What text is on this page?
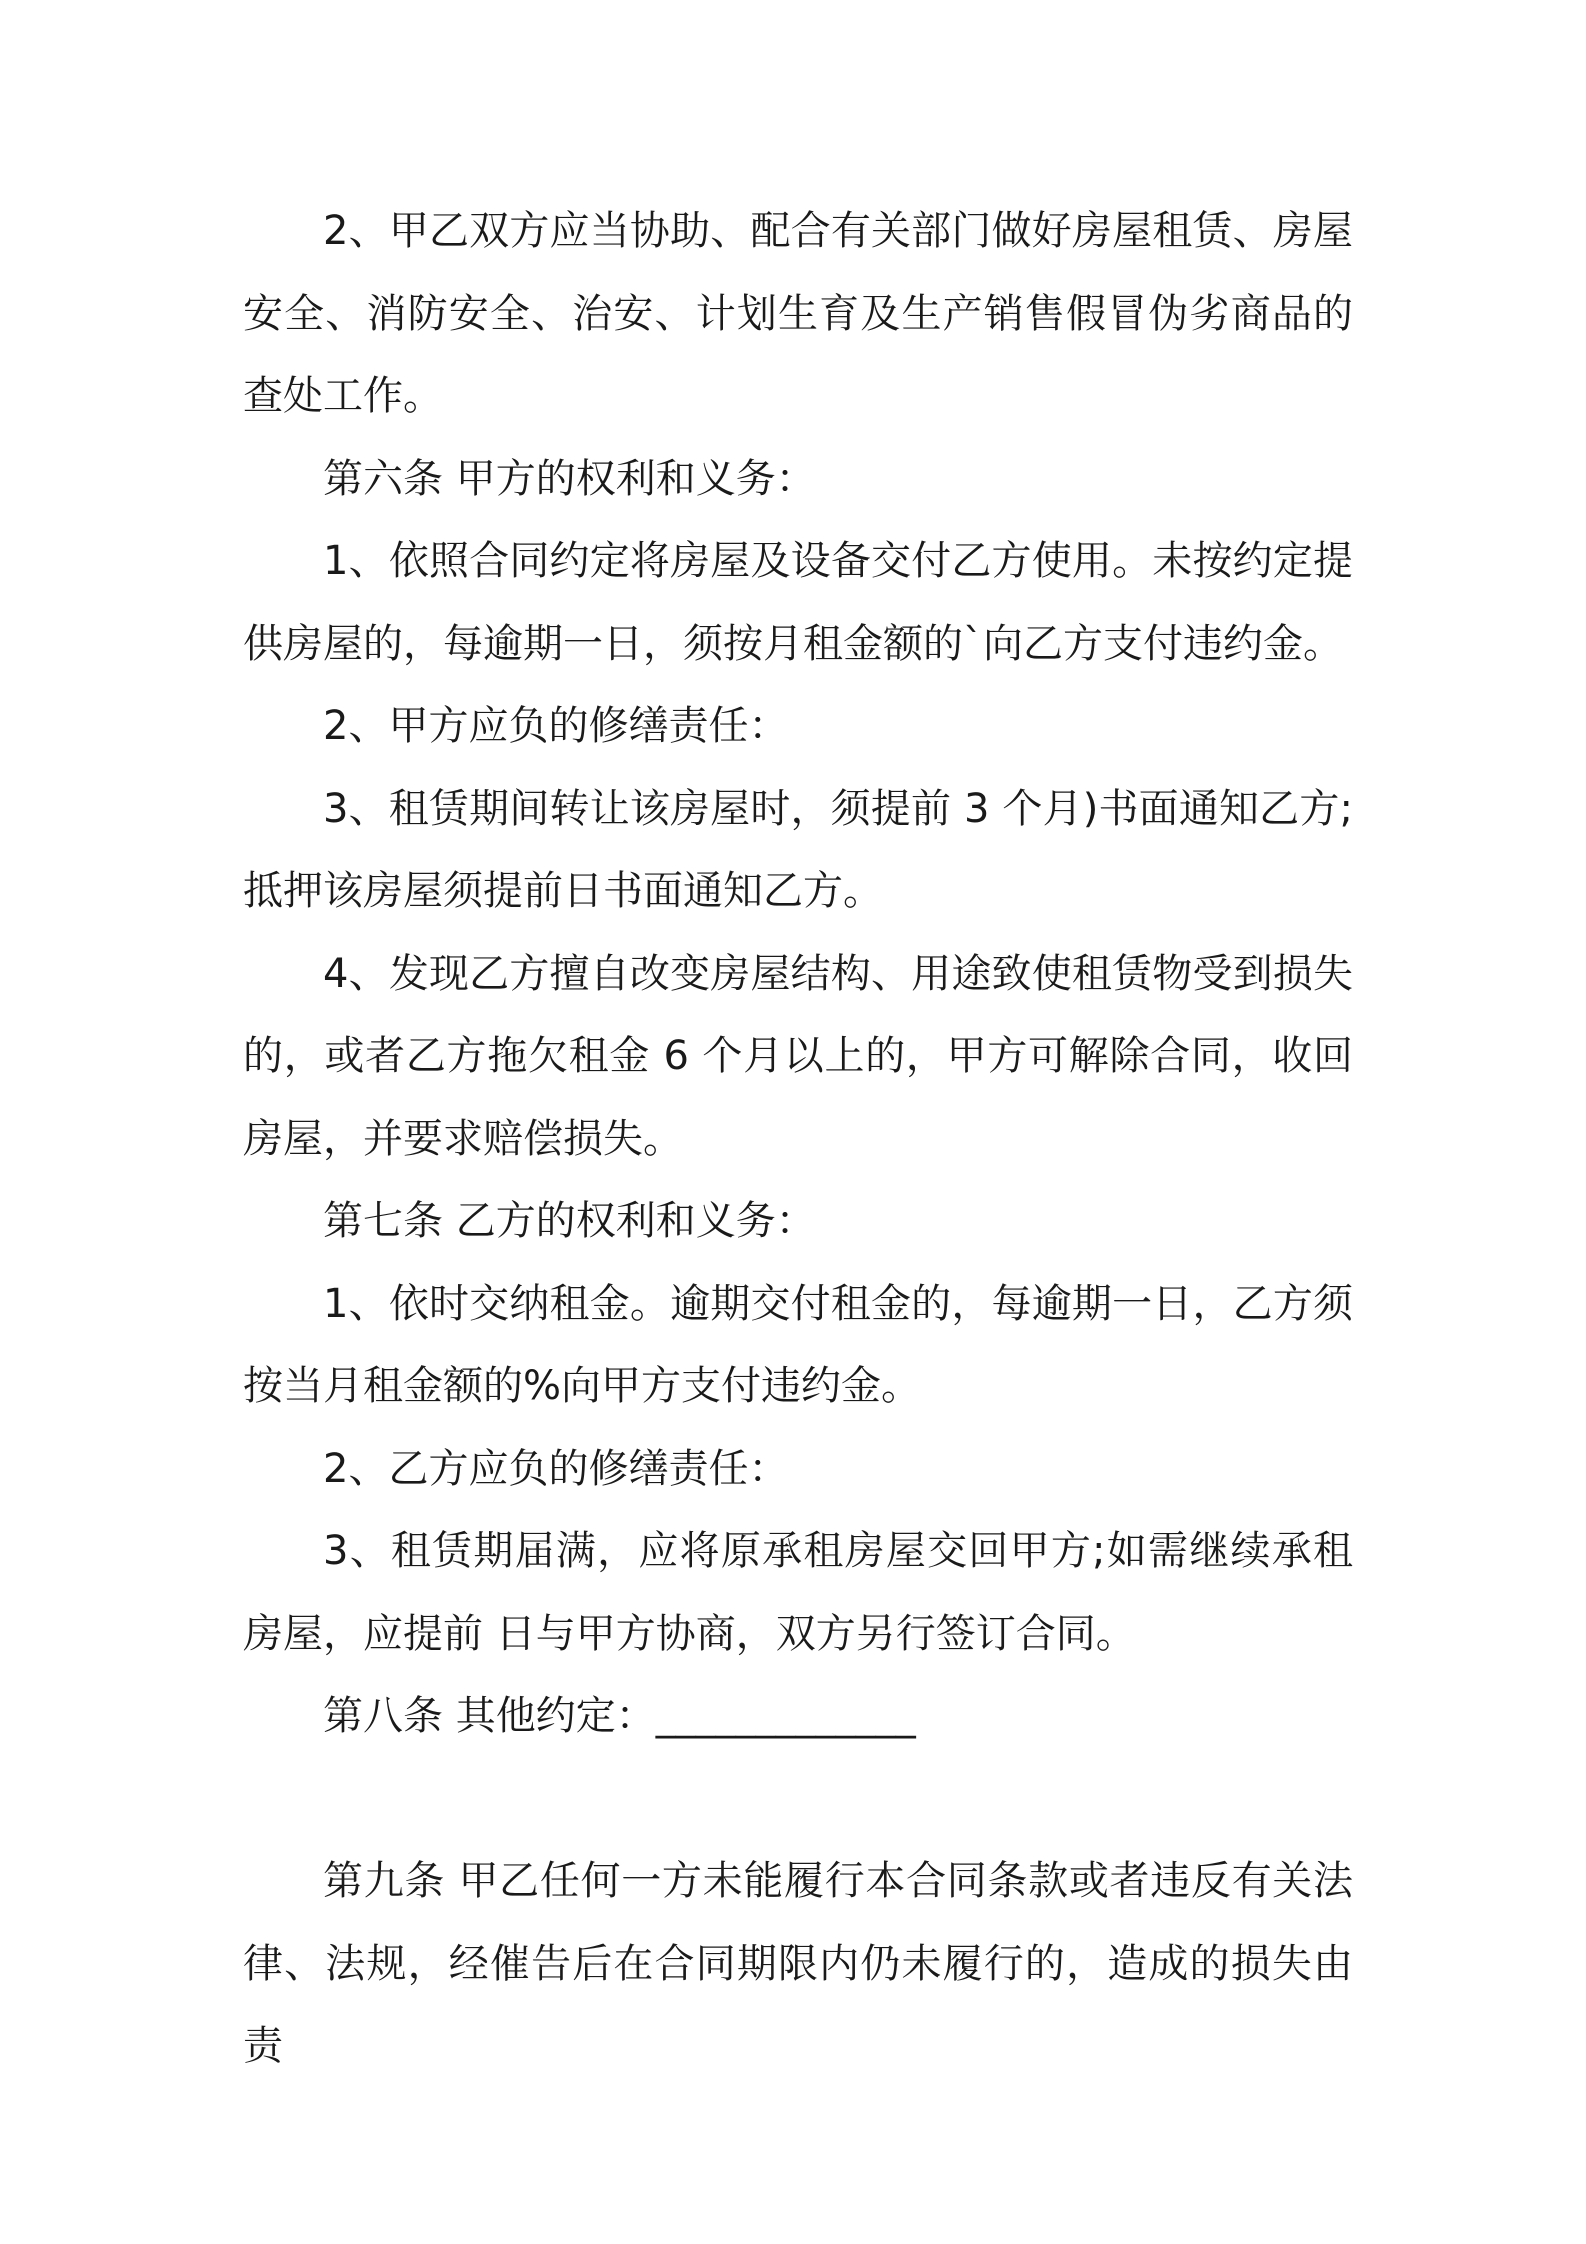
2、甲乙双方应当协助、配合有关部门做好房屋租赁、房屋安全、消防安全、治安、计划生育及生产销售假冒伪劣商品的查处工作。

第六条 甲方的权利和义务：

1、依照合同约定将房屋及设备交付乙方使用。未按约定提供房屋的，每逾期一日，须按月租金额的`向乙方支付违约金。

2、甲方应负的修缮责任：

3、租赁期间转让该房屋时，须提前 3 个月)书面通知乙方;抵押该房屋须提前日书面通知乙方。

4、发现乙方擅自改变房屋结构、用途致使租赁物受到损失的，或者乙方拖欠租金 6 个月以上的，甲方可解除合同，收回房屋，并要求赔偿损失。

第七条 乙方的权利和义务：

1、依时交纳租金。逾期交付租金的，每逾期一日，乙方须按当月租金额的%向甲方支付违约金。

2、乙方应负的修缮责任：

3、租赁期届满，应将原承租房屋交回甲方;如需继续承租房屋，应提前 日与甲方协商，双方另行签订合同。

第八条 其他约定：_____________

第九条 甲乙任何一方未能履行本合同条款或者违反有关法律、法规，经催告后在合同期限内仍未履行的，造成的损失由责
